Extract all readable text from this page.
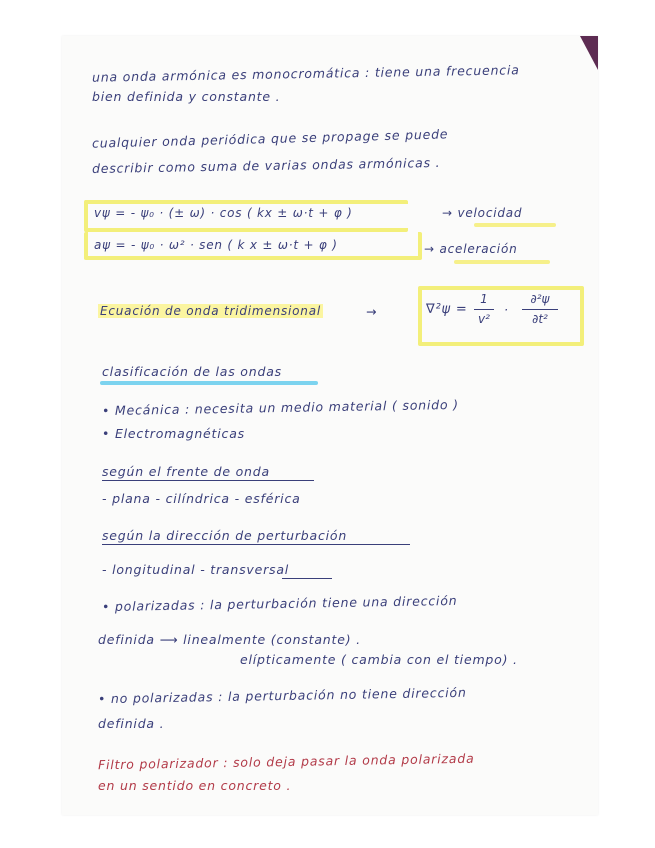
una onda armónica es monocromática : tiene una frecuencia
bien definida y constante .
cualquier onda periódica que se propage se puede
describir como suma de varias ondas armónicas .
vψ = - ψ₀ · (± ω) · cos ( kx ± ω·t + φ )	→ velocidad
aψ = - ψ₀ · ω² · sen ( k x ± ω·t + φ )	→ aceleración
Ecuación de onda tridimensional	→	∇²ψ =
1
v²
·
∂²ψ
∂t²
clasificación de las ondas
• Mecánica : necesita un medio material ( sonido )
• Electromagnéticas
según el frente de onda
- plana - cilíndrica - esférica
según la dirección de perturbación
- longitudinal - transversal
• polarizadas : la perturbación tiene una dirección
definida ⟶ linealmente (constante) .
elípticamente ( cambia con el tiempo) .
• no polarizadas : la perturbación no tiene dirección
definida .
Filtro polarizador : solo deja pasar la onda polarizada
en un sentido en concreto .
